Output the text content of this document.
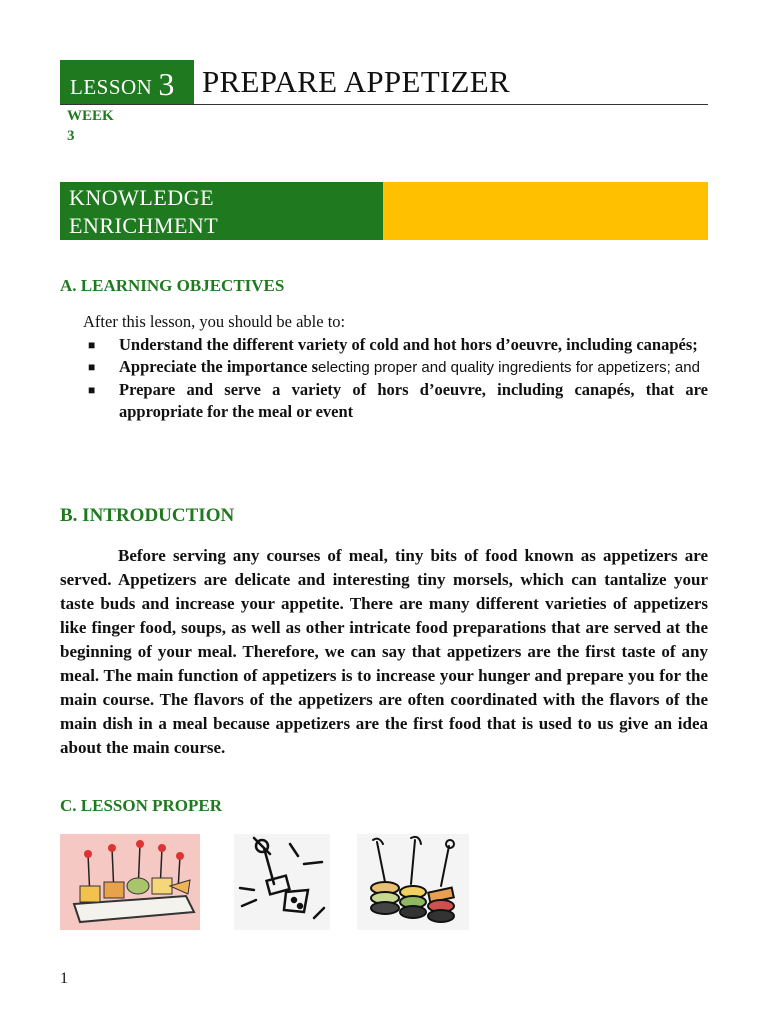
LESSON 3 PREPARE APPETIZER
WEEK
3
KNOWLEDGE
ENRICHMENT
A. LEARNING OBJECTIVES
After this lesson, you should be able to:
■ Understand the different variety of cold and hot hors d’oeuvre, including canapés;
■ Appreciate the importance selecting proper and quality ingredients for appetizers; and
■ Prepare and serve a variety of hors d’oeuvre, including canapés, that are appropriate for the meal or event
B. INTRODUCTION

Before serving any courses of meal, tiny bits of food known as appetizers are served. Appetizers are delicate and interesting tiny morsels, which can tantalize your taste buds and increase your appetite. There are many different varieties of appetizers like finger food, soups, as well as other intricate food preparations that are served at the beginning of your meal. Therefore, we can say that appetizers are the first taste of any meal. The main function of appetizers is to increase your hunger and prepare you for the main course. The flavors of the appetizers are often coordinated with the flavors of the main dish in a meal because appetizers are the first food that is used to us give an idea about the main course.

C. LESSON PROPER
1
